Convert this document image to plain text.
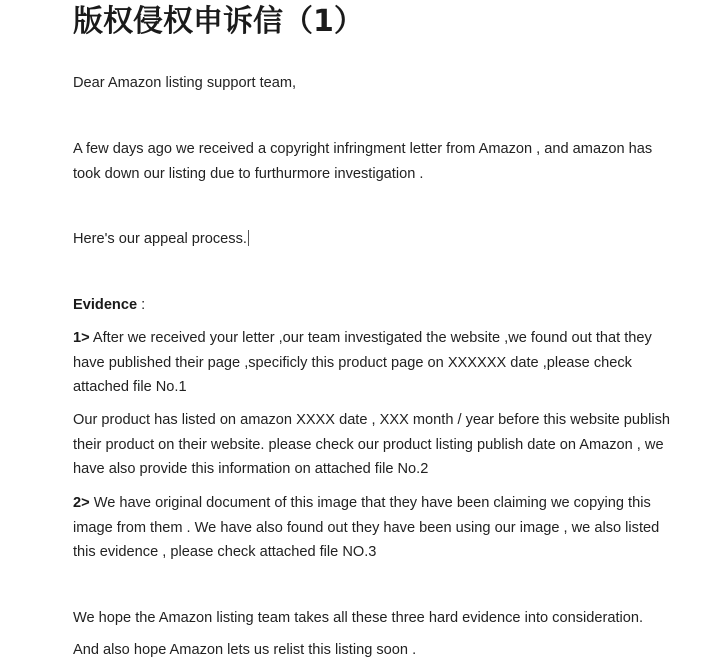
版权侵权申诉信（1）

Dear Amazon listing support team,

A few days ago we received a copyright infringment letter from Amazon , and amazon has took down our listing due to furthurmore investigation .

Here's our appeal process.

Evidence :

1> After we received your letter ,our team investigated the website ,we found out that they have published their page ,specificly this product page on XXXXXX date ,please check attached file No.1

Our product has listed on amazon XXXX date , XXX month / year before this website publish their product on their website. please check our product listing publish date on Amazon , we have also provide this information on attached file No.2

2> We have original document of this image that they have been claiming we copying this image from them . We have also found out they have been using our image , we also listed this evidence , please check attached file NO.3

We hope the Amazon listing team takes all these three hard evidence into consideration.

And also hope Amazon lets us relist this listing soon .
